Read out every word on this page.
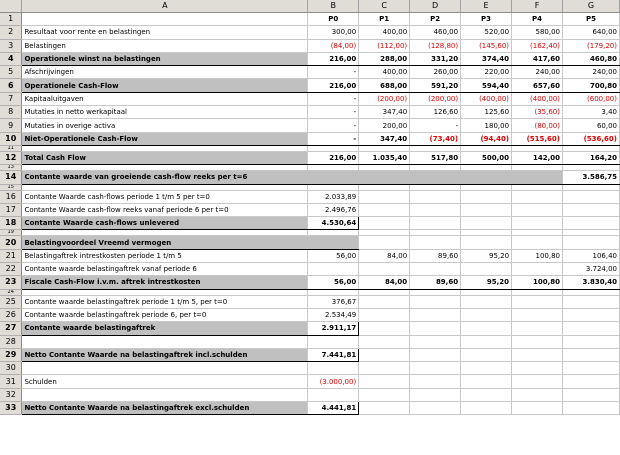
	A	B	C	D	E	F	G
1		P0	P1	P2	P3	P4	P5
2	Resultaat voor rente en belastingen	300,00	400,00	460,00	520,00	580,00	640,00
3	Belastingen	(84,00)	(112,00)	(128,80)	(145,60)	(162,40)	(179,20)
4	Operationele winst na belastingen	216,00	288,00	331,20	374,40	417,60	460,80
5	Afschrijvingen	-	400,00	260,00	220,00	240,00	240,00
6	Operationele Cash-Flow	216,00	688,00	591,20	594,40	657,60	700,80
7	Kapitaaluitgaven	-	(200,00)	(200,00)	(400,00)	(400,00)	(600,00)
8	Mutaties in netto werkapitaal	-	347,40	126,60	125,60	(35,60)	3,40
9	Mutaties in overige activa	-	200,00	-	180,00	(80,00)	60,00
10	Niet-Operationele Cash-Flow	-	347,40	(73,40)	(94,40)	(515,60)	(536,60)
11							
12	Total Cash Flow	216,00	1.035,40	517,80	500,00	142,00	164,20
13							
14	Contante waarde van groeiende cash-flow reeks per t=6						3.586,75
15							
16	Contante Waarde cash-flows periode 1 t/m 5 per t=0	2.033,89					
17	Contante Waarde cash-flow reeks vanaf periode 6 per t=0	2.496,76					
18	Contante Waarde cash-flows unlevered	4.530,64					
19							
20	Belastingvoordeel Vreemd vermogen						
21	Belastingaftrek intrestkosten periode 1 t/m 5	56,00	84,00	89,60	95,20	100,80	106,40
22	Contante waarde belastingaftrek vanaf periode 6						3.724,00
23	Fiscale Cash-Flow i.v.m. aftrek intrestkosten	56,00	84,00	89,60	95,20	100,80	3.830,40
24							
25	Contante waarde belastingaftrek periode 1 t/m 5, per t=0	376,67					
26	Contante waarde belastingaftrek periode 6, per t=0	2.534,49					
27	Contante waarde belastingaftrek	2.911,17					
28							
29	Netto Contante Waarde na belastingaftrek incl.schulden	7.441,81					
30							
31	Schulden	(3.000,00)					
32							
33	Netto Contante Waarde na belastingaftrek excl.schulden	4.441,81					
